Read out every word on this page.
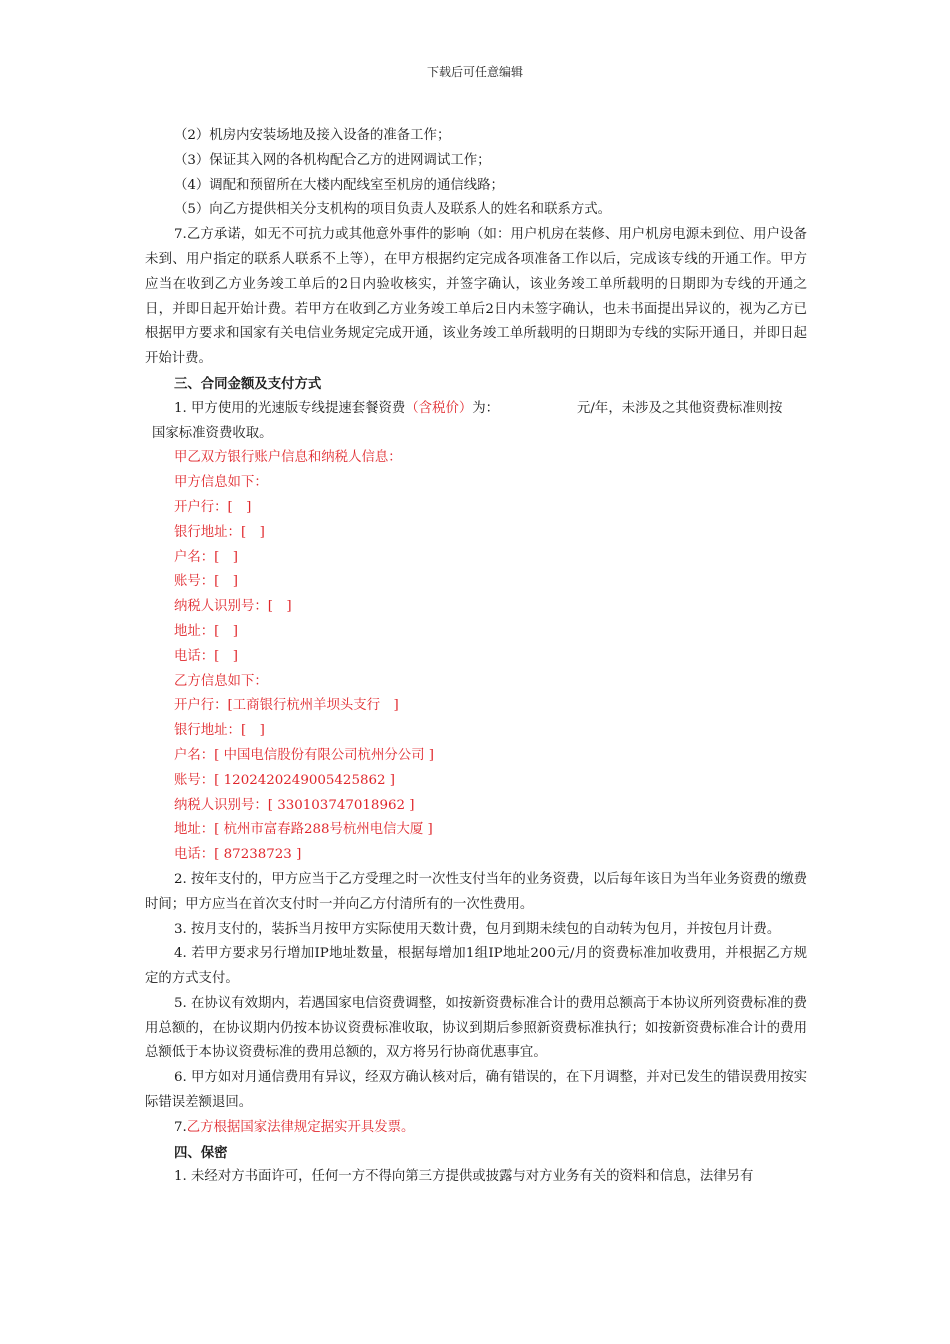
下载后可任意编辑
（2）机房内安装场地及接入设备的准备工作；
（3）保证其入网的各机构配合乙方的进网调试工作；
（4）调配和预留所在大楼内配线室至机房的通信线路；
（5）向乙方提供相关分支机构的项目负责人及联系人的姓名和联系方式。
7.乙方承诺，如无不可抗力或其他意外事件的影响（如：用户机房在装修、用户机房电源未到位、用户设备未到、用户指定的联系人联系不上等），在甲方根据约定完成各项准备工作以后，完成该专线的开通工作。甲方应当在收到乙方业务竣工单后的2日内验收核实，并签字确认，该业务竣工单所载明的日期即为专线的开通之日，并即日起开始计费。若甲方在收到乙方业务竣工单后2日内未签字确认，也未书面提出异议的，视为乙方已根据甲方要求和国家有关电信业务规定完成开通，该业务竣工单所载明的日期即为专线的实际开通日，并即日起开始计费。
三、合同金额及支付方式
1. 甲方使用的光速版专线提速套餐资费（含税价）为：	元/年，未涉及之其他资费标准则按
国家标准资费收取。
甲乙双方银行账户信息和纳税人信息：
甲方信息如下：
开户行：[　]
银行地址：[　]
户名：[　]
账号：[　]
纳税人识别号：[　]
地址：[　]
电话：[　]
乙方信息如下：
开户行：[工商银行杭州羊坝头支行　]
银行地址：[　]
户名：[ 中国电信股份有限公司杭州分公司 ]
账号：[ 1202420249005425862 ]
纳税人识别号：[ 330103747018962 ]
地址：[ 杭州市富春路288号杭州电信大厦 ]
电话：[ 87238723 ]
2. 按年支付的，甲方应当于乙方受理之时一次性支付当年的业务资费，以后每年该日为当年业务资费的缴费时间；甲方应当在首次支付时一并向乙方付清所有的一次性费用。
3. 按月支付的，装拆当月按甲方实际使用天数计费，包月到期未续包的自动转为包月，并按包月计费。
4. 若甲方要求另行增加IP地址数量，根据每增加1组IP地址200元/月的资费标准加收费用，并根据乙方规定的方式支付。
5. 在协议有效期内，若遇国家电信资费调整，如按新资费标准合计的费用总额高于本协议所列资费标准的费用总额的，在协议期内仍按本协议资费标准收取，协议到期后参照新资费标准执行；如按新资费标准合计的费用总额低于本协议资费标准的费用总额的，双方将另行协商优惠事宜。
6. 甲方如对月通信费用有异议，经双方确认核对后，确有错误的，在下月调整，并对已发生的错误费用按实际错误差额退回。
7.乙方根据国家法律规定据实开具发票。
四、保密
1. 未经对方书面许可，任何一方不得向第三方提供或披露与对方业务有关的资料和信息，法律另有
